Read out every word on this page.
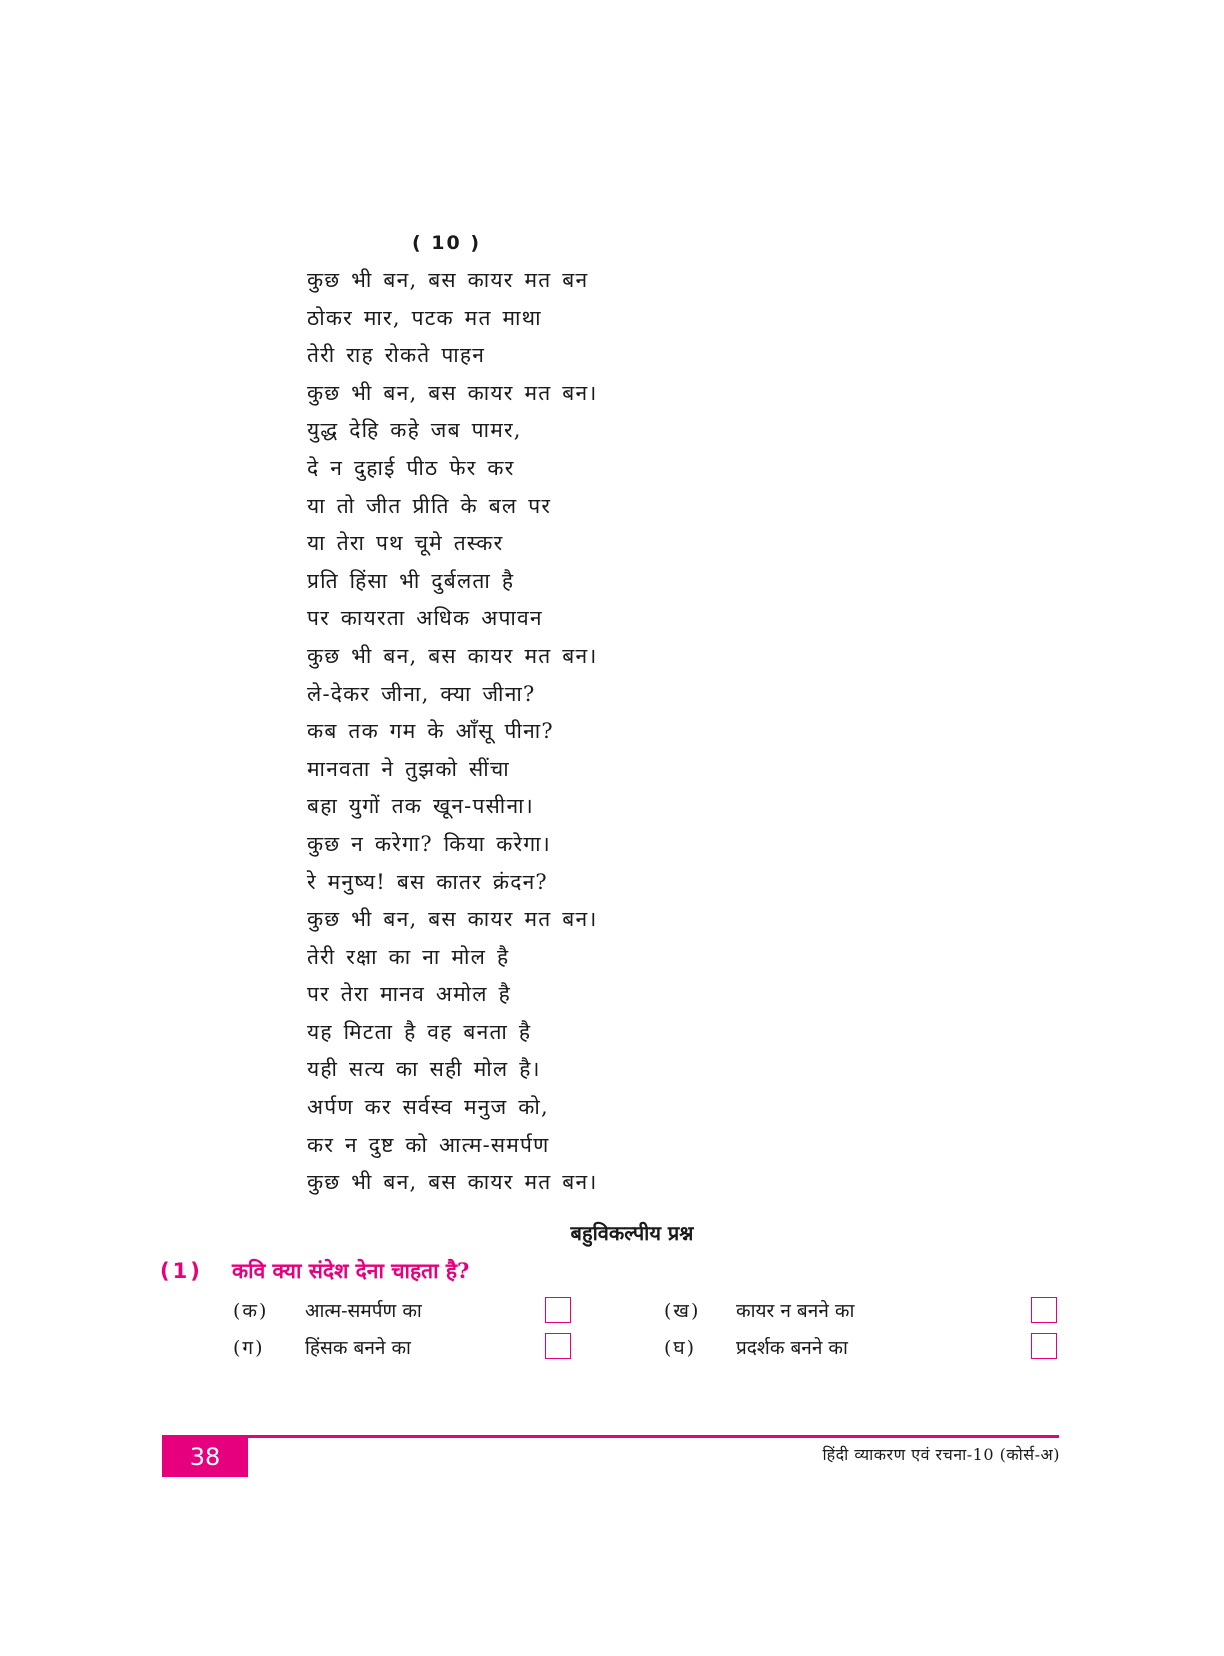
( 10 )
कुछ भी बन, बस कायर मत बन
ठोकर मार, पटक मत माथा
तेरी राह रोकते पाहन
कुछ भी बन, बस कायर मत बन।
युद्ध देहि कहे जब पामर,
दे न दुहाई पीठ फेर कर
या तो जीत प्रीति के बल पर
या तेरा पथ चूमे तस्कर
प्रति हिंसा भी दुर्बलता है
पर कायरता अधिक अपावन
कुछ भी बन, बस कायर मत बन।
ले-देकर जीना, क्या जीना?
कब तक गम के आँसू पीना?
मानवता ने तुझको सींचा
बहा युगों तक खून-पसीना।
कुछ न करेगा? किया करेगा।
रे मनुष्य! बस कातर क्रंदन?
कुछ भी बन, बस कायर मत बन।
तेरी रक्षा का ना मोल है
पर तेरा मानव अमोल है
यह मिटता है वह बनता है
यही सत्य का सही मोल है।
अर्पण कर सर्वस्व मनुज को,
कर न दुष्ट को आत्म-समर्पण
कुछ भी बन, बस कायर मत बन।
बहुविकल्पीय प्रश्न
(1) कवि क्या संदेश देना चाहता है?
(क) आत्म-समर्पण का	(ख) कायर न बनने का
(ग) हिंसक बनने का	(घ) प्रदर्शक बनने का
38	हिंदी व्याकरण एवं रचना-10 (कोर्स-अ)
